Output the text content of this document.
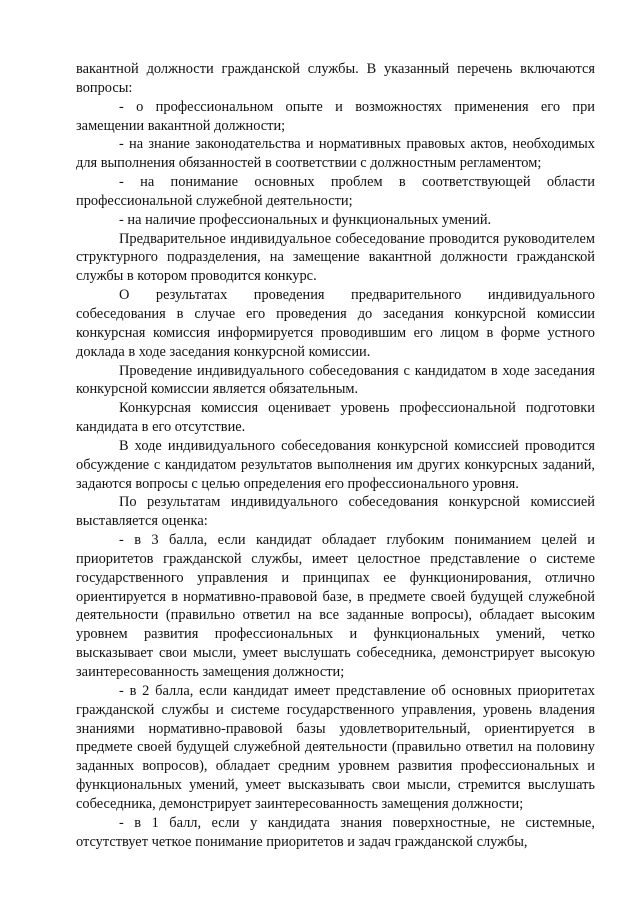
вакантной должности гражданской службы. В указанный перечень включаются вопросы:

- о профессиональном опыте и возможностях применения его при замещении вакантной должности;

- на знание законодательства и нормативных правовых актов, необходимых для выполнения обязанностей в соответствии с должностным регламентом;

- на понимание основных проблем в соответствующей области профессиональной служебной деятельности;

- на наличие профессиональных и функциональных умений.

Предварительное индивидуальное собеседование проводится руководителем структурного подразделения, на замещение вакантной должности гражданской службы в котором проводится конкурс.

О результатах проведения предварительного индивидуального собеседования в случае его проведения до заседания конкурсной комиссии конкурсная комиссия информируется проводившим его лицом в форме устного доклада в ходе заседания конкурсной комиссии.

Проведение индивидуального собеседования с кандидатом в ходе заседания конкурсной комиссии является обязательным.

Конкурсная комиссия оценивает уровень профессиональной подготовки кандидата в его отсутствие.

В ходе индивидуального собеседования конкурсной комиссией проводится обсуждение с кандидатом результатов выполнения им других конкурсных заданий, задаются вопросы с целью определения его профессионального уровня.

По результатам индивидуального собеседования конкурсной комиссией выставляется оценка:

- в 3 балла, если кандидат обладает глубоким пониманием целей и приоритетов гражданской службы, имеет целостное представление о системе государственного управления и принципах ее функционирования, отлично ориентируется в нормативно-правовой базе, в предмете своей будущей служебной деятельности (правильно ответил на все заданные вопросы), обладает высоким уровнем развития профессиональных и функциональных умений, четко высказывает свои мысли, умеет выслушать собеседника, демонстрирует высокую заинтересованность замещения должности;

- в 2 балла, если кандидат имеет представление об основных приоритетах гражданской службы и системе государственного управления, уровень владения знаниями нормативно-правовой базы удовлетворительный, ориентируется в предмете своей будущей служебной деятельности (правильно ответил на половину заданных вопросов), обладает средним уровнем развития профессиональных и функциональных умений, умеет высказывать свои мысли, стремится выслушать собеседника, демонстрирует заинтересованность замещения должности;

- в 1 балл, если у кандидата знания поверхностные, не системные, отсутствует четкое понимание приоритетов и задач гражданской службы,
